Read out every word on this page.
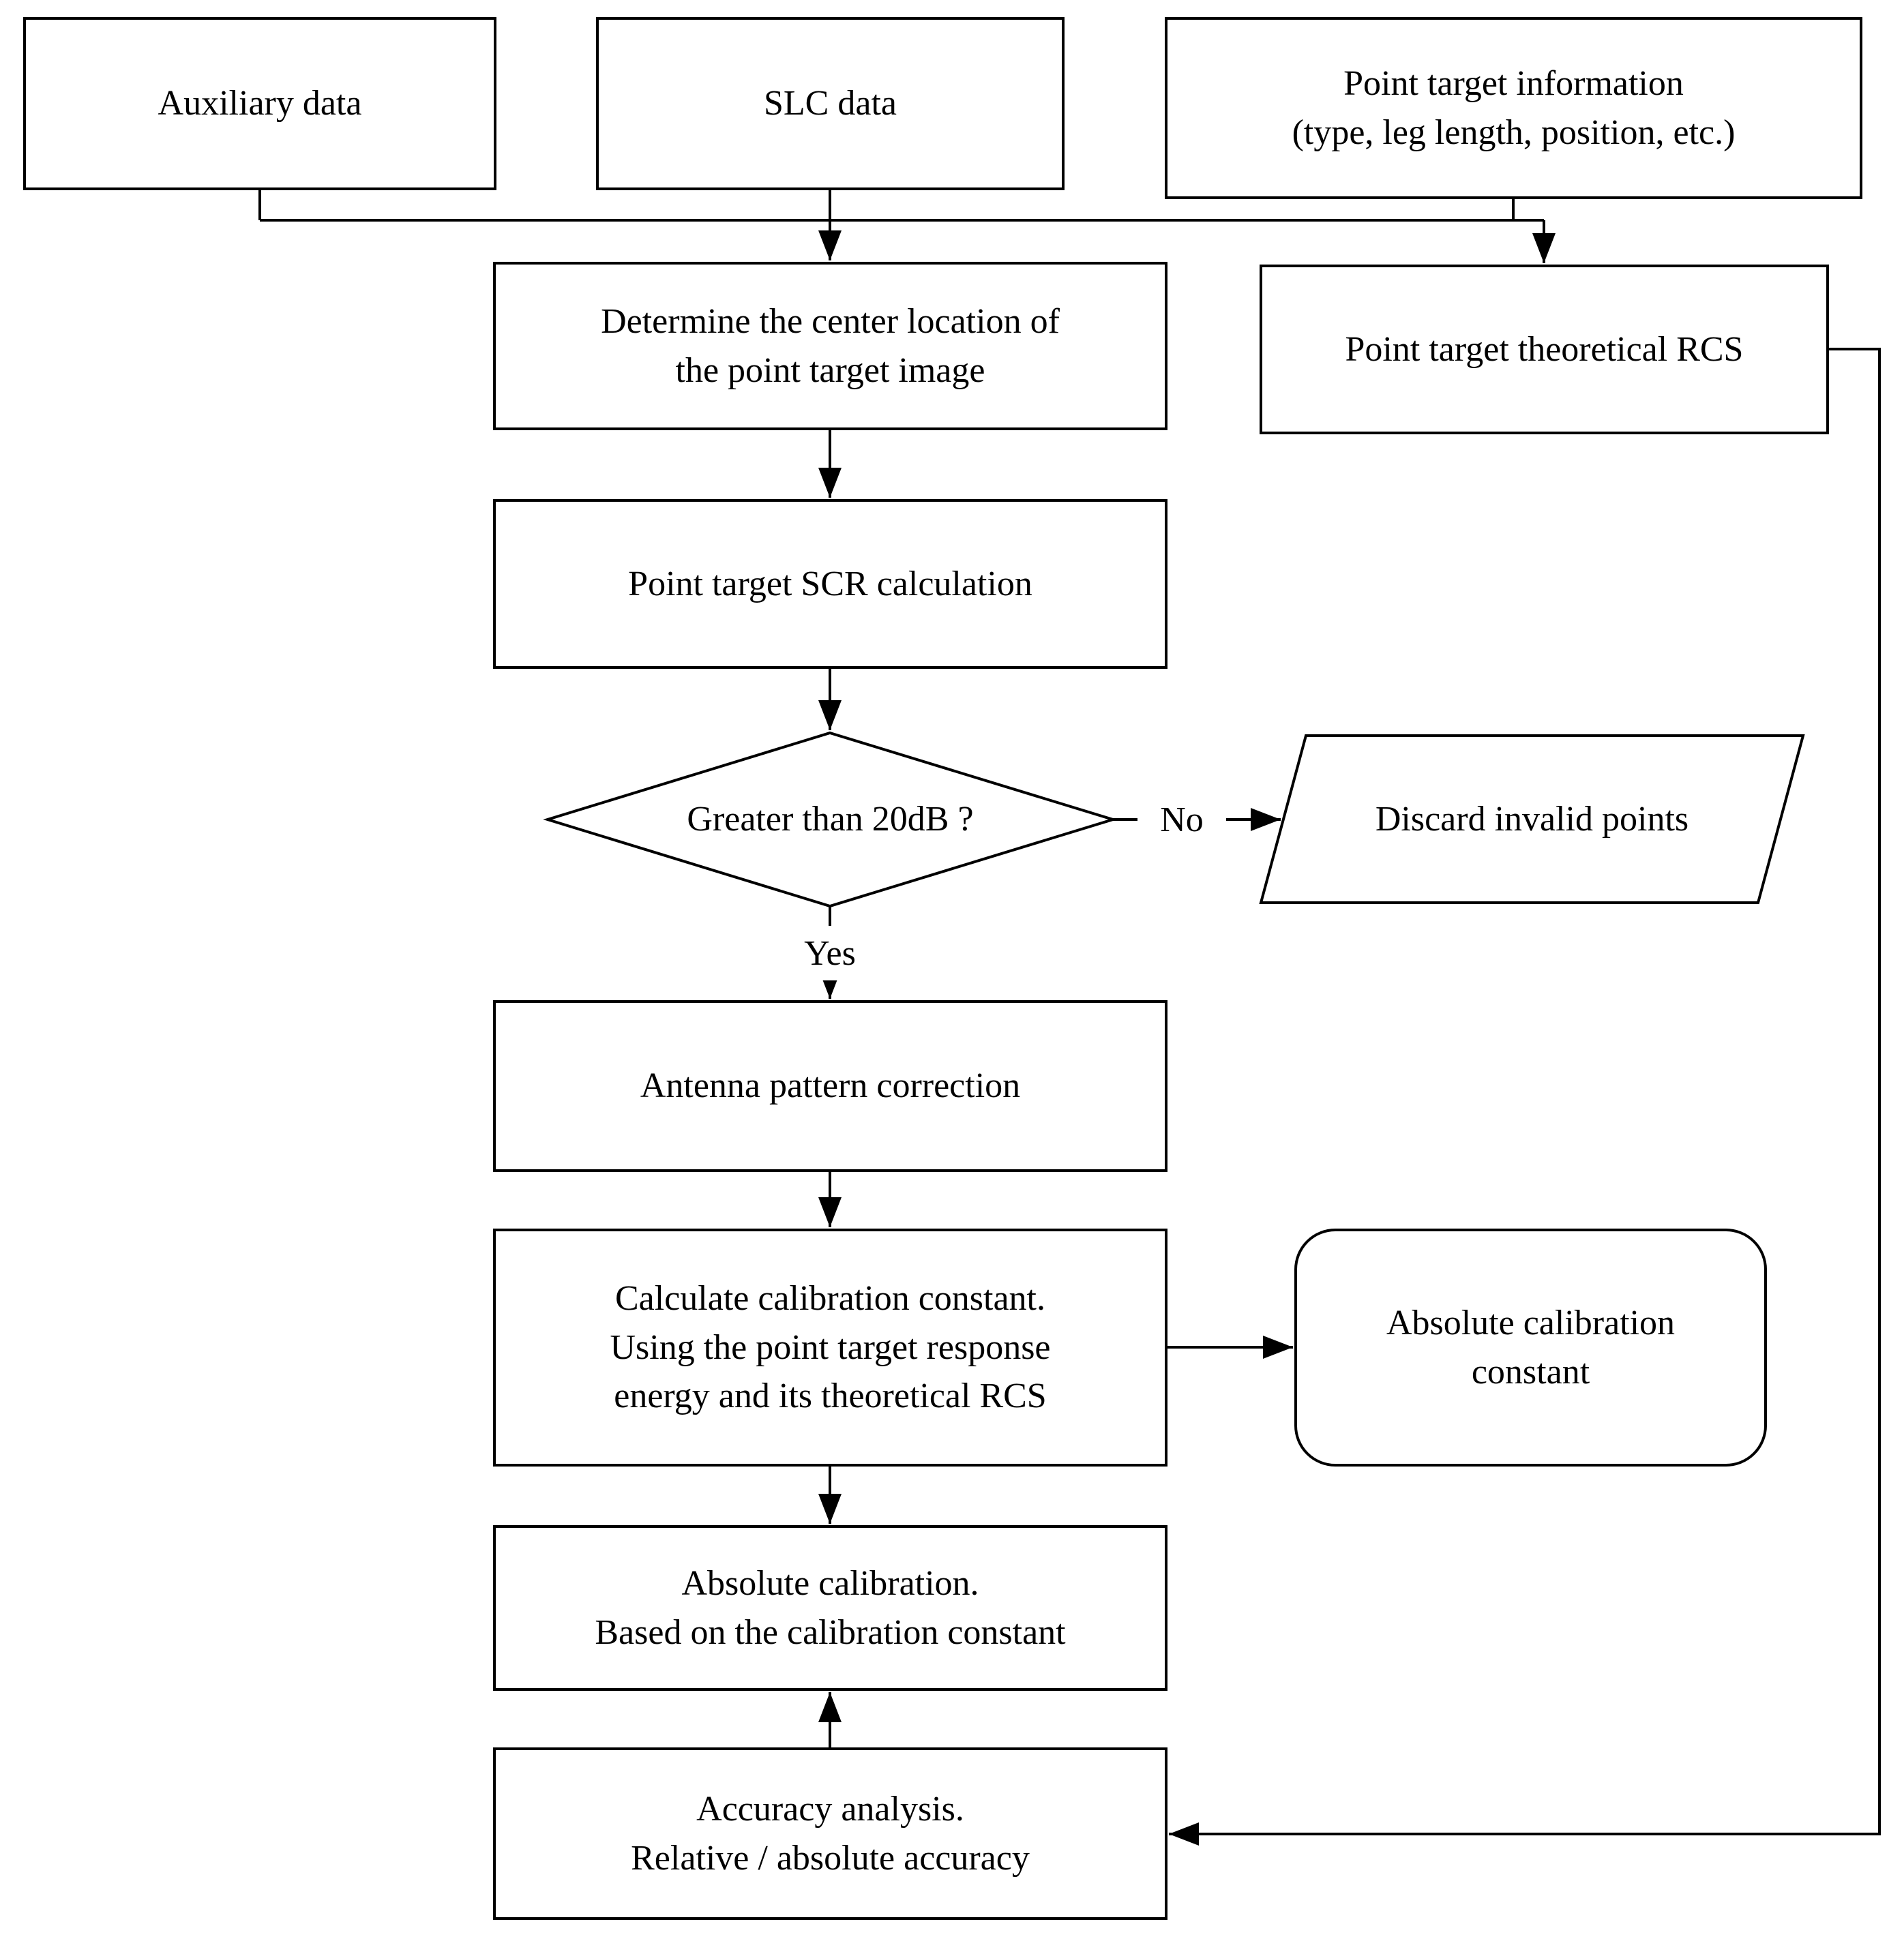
Auxiliary data	SLC data
Point target information
(type, leg length, position, etc.)
Determine the center location of
the point target image
Point target theoretical RCS
Point target SCR calculation
Greater than 20dB ?	Discard invalid points
Antenna pattern correction
Calculate calibration constant.
Using the point target response
energy and its theoretical RCS
Absolute calibration
constant
Absolute calibration.
Based on the calibration constant
Accuracy analysis.
Relative / absolute accuracy
No
Yes
